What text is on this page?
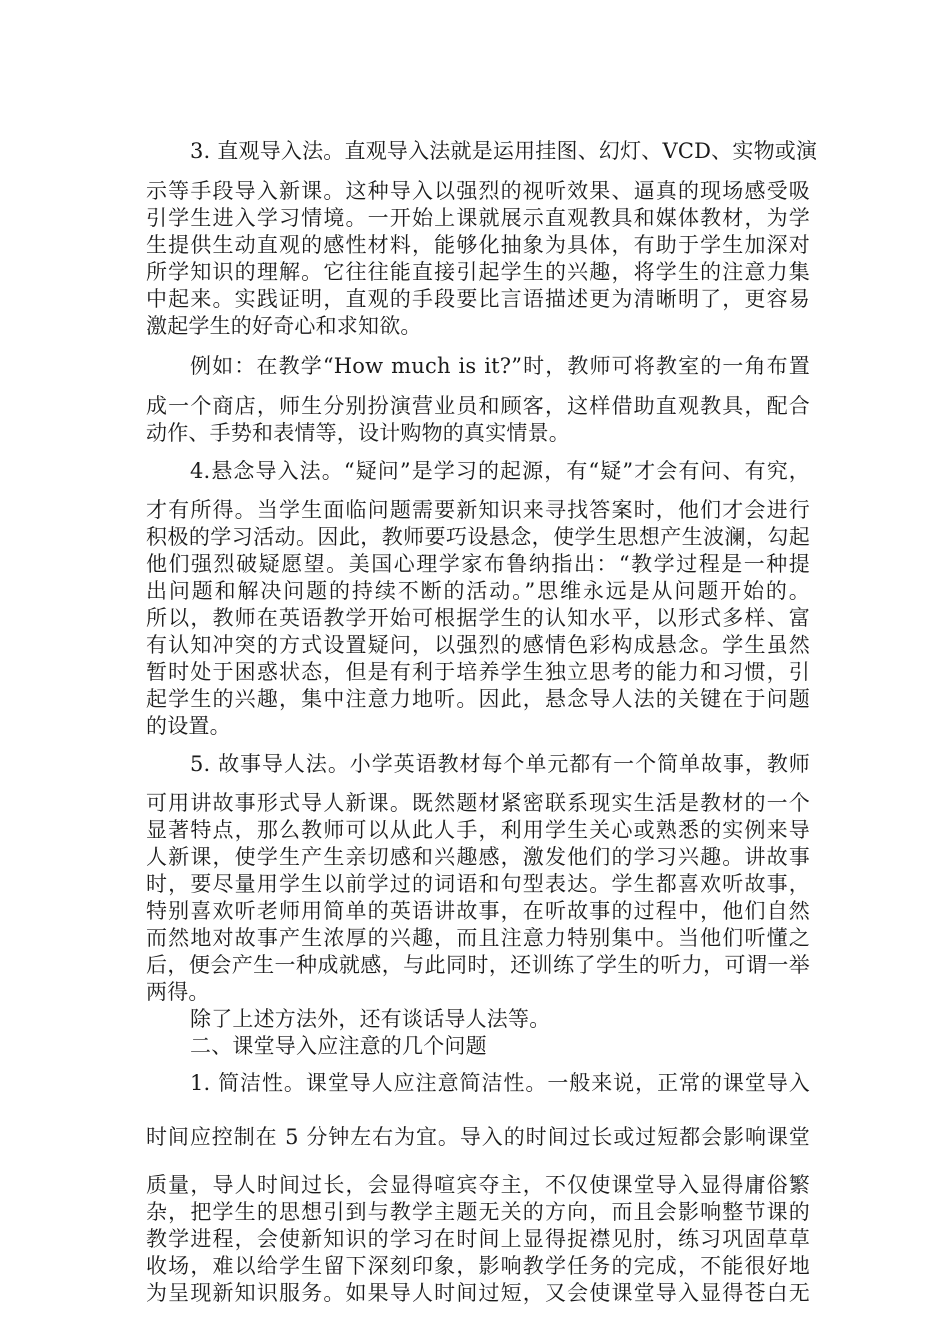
3. 直观导入法。直观导入法就是运用挂图、幻灯、VCD、实物或演
示等手段导入新课。这种导入以强烈的视听效果、逼真的现场感受吸
引学生进入学习情境。一开始上课就展示直观教具和媒体教材，为学
生提供生动直观的感性材料，能够化抽象为具体，有助于学生加深对
所学知识的理解。它往往能直接引起学生的兴趣，将学生的注意力集
中起来。实践证明，直观的手段要比言语描述更为清晰明了，更容易
激起学生的好奇心和求知欲。
例如：在教学“How much is it?”时，教师可将教室的一角布置
成一个商店，师生分别扮演营业员和顾客，这样借助直观教具，配合
动作、手势和表情等，设计购物的真实情景。
4.悬念导入法。“疑问”是学习的起源，有“疑”才会有问、有究，
才有所得。当学生面临问题需要新知识来寻找答案时，他们才会进行
积极的学习活动。因此，教师要巧设悬念，使学生思想产生波澜，勾起
他们强烈破疑愿望。美国心理学家布鲁纳指出：“教学过程是一种提
出问题和解决问题的持续不断的活动。”思维永远是从问题开始的。
所以，教师在英语教学开始可根据学生的认知水平，以形式多样、富
有认知冲突的方式设置疑问，以强烈的感情色彩构成悬念。学生虽然
暂时处于困惑状态，但是有利于培养学生独立思考的能力和习惯，引
起学生的兴趣，集中注意力地听。因此，悬念导人法的关键在于问题
的设置。
5. 故事导人法。小学英语教材每个单元都有一个简单故事，教师
可用讲故事形式导人新课。既然题材紧密联系现实生活是教材的一个
显著特点，那么教师可以从此人手，利用学生关心或熟悉的实例来导
人新课，使学生产生亲切感和兴趣感，激发他们的学习兴趣。讲故事
时，要尽量用学生以前学过的词语和句型表达。学生都喜欢听故事，
特别喜欢听老师用简单的英语讲故事，在听故事的过程中，他们自然
而然地对故事产生浓厚的兴趣，而且注意力特别集中。当他们听懂之
后，便会产生一种成就感，与此同时，还训练了学生的听力，可谓一举
两得。
除了上述方法外，还有谈话导人法等。
二、课堂导入应注意的几个问题
1. 简洁性。课堂导人应注意简洁性。一般来说，正常的课堂导入
时间应控制在 5 分钟左右为宜。导入的时间过长或过短都会影响课堂
质量，导人时间过长，会显得喧宾夺主，不仅使课堂导入显得庸俗繁
杂，把学生的思想引到与教学主题无关的方向，而且会影响整节课的
教学进程，会使新知识的学习在时间上显得捉襟见肘，练习巩固草草
收场，难以给学生留下深刻印象，影响教学任务的完成，不能很好地
为呈现新知识服务。如果导人时间过短，又会使课堂导入显得苍白无
